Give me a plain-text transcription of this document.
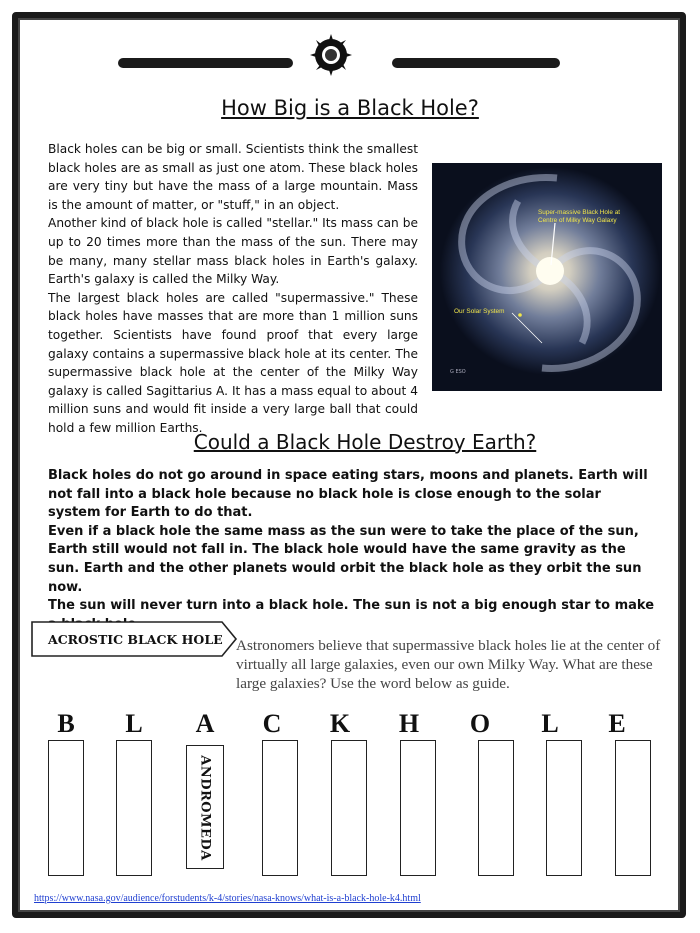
How Big is a Black Hole?

Black holes can be big or small. Scientists think the smallest black holes are as small as just one atom. These black holes are very tiny but have the mass of a large mountain. Mass is the amount of matter, or "stuff," in an object.

Another kind of black hole is called "stellar." Its mass can be up to 20 times more than the mass of the sun. There may be many, many stellar mass black holes in Earth's galaxy. Earth's galaxy is called the Milky Way.

The largest black holes are called "supermassive." These black holes have masses that are more than 1 million suns together. Scientists have found proof that every large galaxy contains a supermassive black hole at its center. The supermassive black hole at the center of the Milky Way galaxy is called Sagittarius A. It has a mass equal to about 4 million suns and would fit inside a very large ball that could hold a few million Earths.

G ESO
Super-massive Black Hole at Centre of Milky Way Galaxy
Our Solar System
Could a Black Hole Destroy Earth?

Black holes do not go around in space eating stars, moons and planets. Earth will not fall into a black hole because no black hole is close enough to the solar system for Earth to do that.

Even if a black hole the same mass as the sun were to take the place of the sun, Earth still would not fall in. The black hole would have the same gravity as the sun. Earth and the other planets would orbit the black hole as they orbit the sun now.

The sun will never turn into a black hole. The sun is not a big enough star to make

ACROSTIC BLACK HOLE Astronomers believe that supermassive black holes lie at the center of virtually all large galaxies, even our own Milky Way. What are these large galaxies? Use the word below as guide.
B	L	A	C	K	H	O	L	E
ANDROMEDA
https://www.nasa.gov/audience/forstudents/k-4/stories/nasa-knows/what-is-a-black-hole-k4.html
